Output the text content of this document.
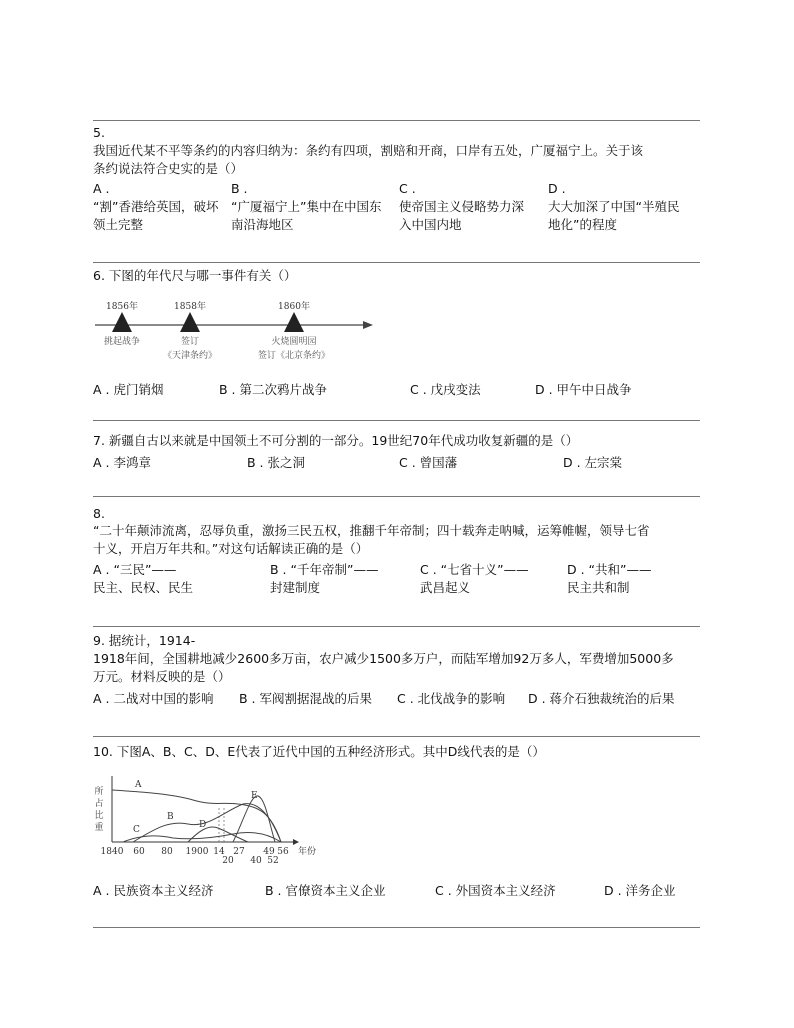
5.
我国近代某不平等条约的内容归纳为：条约有四项，割赔和开商，口岸有五处，广厦福宁上。关于该
条约说法符合史实的是（）
A .
“割”香港给英国，破坏
领土完整
B .
“广厦福宁上”集中在中国东
南沿海地区
C .
使帝国主义侵略势力深
入中国内地
D .
大大加深了中国“半殖民
地化”的程度
6. 下图的年代尺与哪一事件有关（）
1856年	1858年	1860年
挑起战争	签订
《天津条约》
火烧圆明园
签订《北京条约》
A . 虎门销烟	B . 第二次鸦片战争	C . 戊戌变法	D . 甲午中日战争
7. 新疆自古以来就是中国领土不可分割的一部分。19世纪70年代成功收复新疆的是（）
A . 李鸿章	B . 张之洞	C . 曾国藩	D . 左宗棠
8.
“二十年颠沛流离，忍辱负重，激扬三民五权，推翻千年帝制；四十载奔走呐喊，运筹帷幄，领导七省
十义，开启万年共和。”对这句话解读正确的是（）
A . “三民”——
民主、民权、民生
B . “千年帝制”——
封建制度
C . “七省十义”——
武昌起义
D . “共和”——
民主共和制
9. 据统计，1914-
1918年间，全国耕地减少2600多万亩，农户减少1500多万户，而陆军增加92万多人，军费增加5000多
万元。材料反映的是（）
A . 二战对中国的影响 B . 军阀割据混战的后果 C . 北伐战争的影响 D . 蒋介石独裁统治的后果
10. 下图A、B、C、D、E代表了近代中国的五种经济形式。其中D线代表的是（）
所
占
比
重
A
B
C	D
E
1840 60 80 1900 14
20
27
40
49
52
56 年份
A . 民族资本主义经济	B . 官僚资本主义企业	C . 外国资本主义经济	D . 洋务企业
